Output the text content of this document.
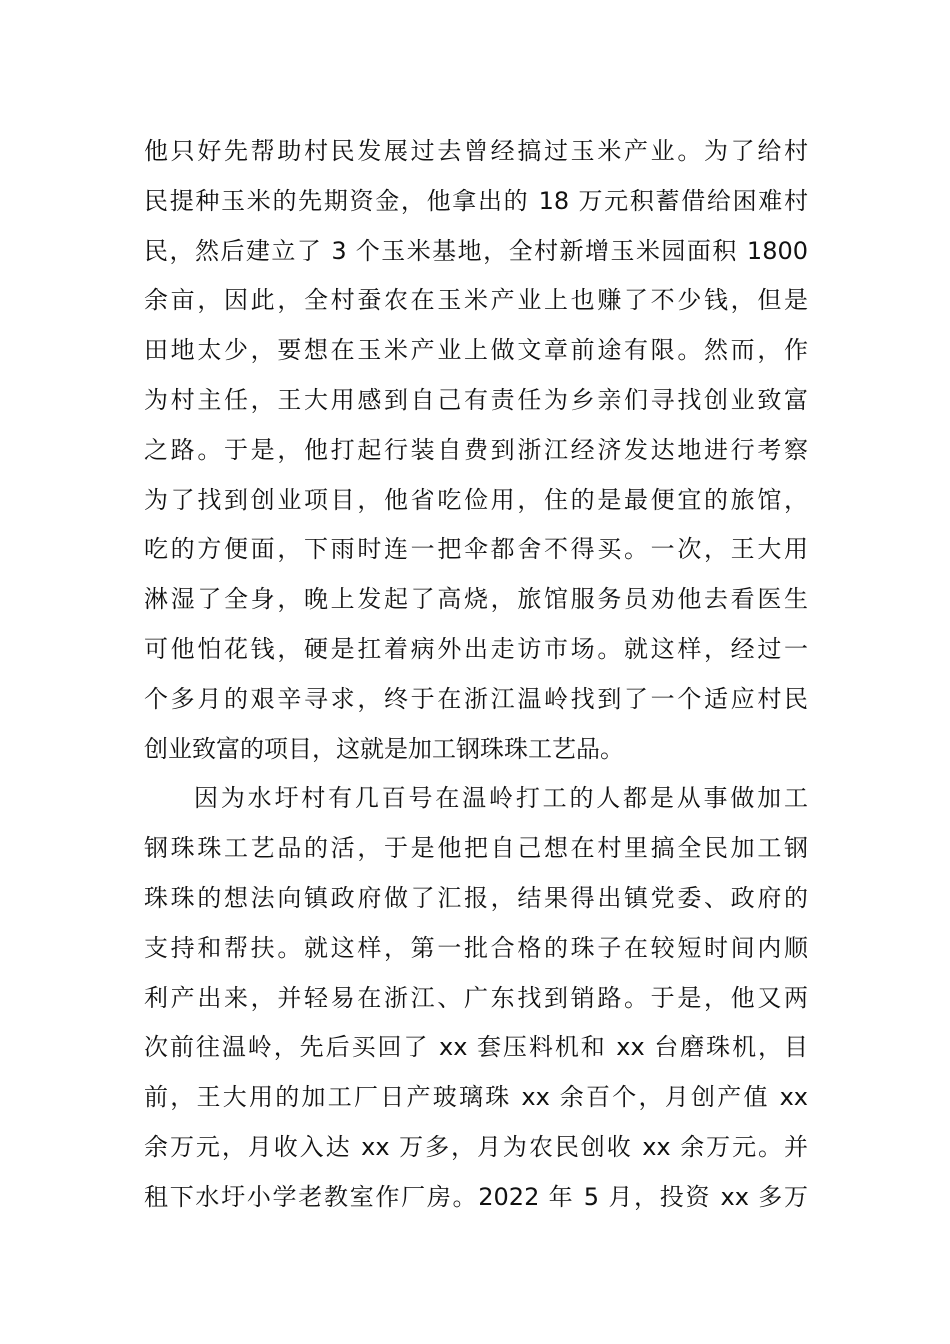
他只好先帮助村民发展过去曾经搞过玉米产业。为了给村
民提种玉米的先期资金，他拿出的 18 万元积蓄借给困难村
民，然后建立了 3 个玉米基地，全村新增玉米园面积 1800
余亩，因此，全村蚕农在玉米产业上也赚了不少钱，但是
田地太少，要想在玉米产业上做文章前途有限。然而，作
为村主任，王大用感到自己有责任为乡亲们寻找创业致富
之路。于是，他打起行装自费到浙江经济发达地进行考察
为了找到创业项目，他省吃俭用，住的是最便宜的旅馆，
吃的方便面，下雨时连一把伞都舍不得买。一次，王大用
淋湿了全身，晚上发起了高烧，旅馆服务员劝他去看医生
可他怕花钱，硬是扛着病外出走访市场。就这样，经过一
个多月的艰辛寻求，终于在浙江温岭找到了一个适应村民
创业致富的项目，这就是加工钢珠珠工艺品。
因为水圩村有几百号在温岭打工的人都是从事做加工
钢珠珠工艺品的活，于是他把自己想在村里搞全民加工钢
珠珠的想法向镇政府做了汇报，结果得出镇党委、政府的
支持和帮扶。就这样，第一批合格的珠子在较短时间内顺
利产出来，并轻易在浙江、广东找到销路。于是，他又两
次前往温岭，先后买回了 xx 套压料机和 xx 台磨珠机，目
前，王大用的加工厂日产玻璃珠 xx 余百个，月创产值 xx
余万元，月收入达 xx 万多，月为农民创收 xx 余万元。并
租下水圩小学老教室作厂房。2022 年 5 月，投资 xx 多万
